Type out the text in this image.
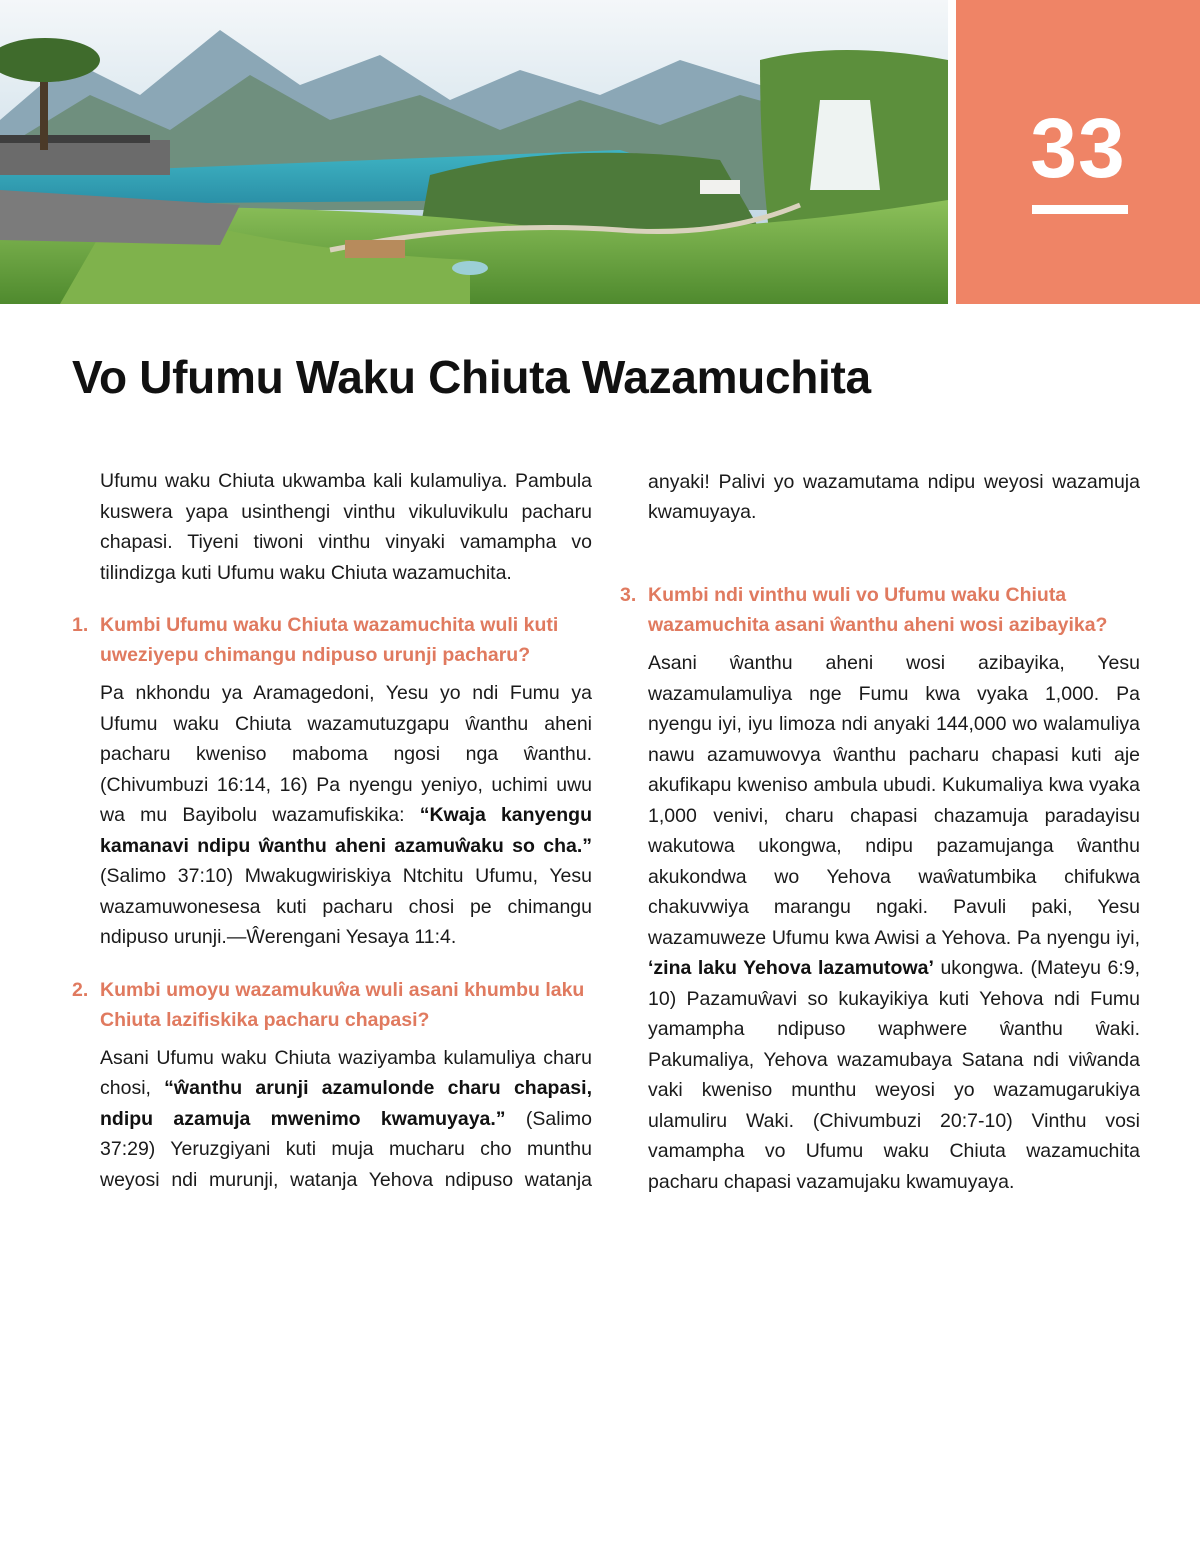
33
Vo Ufumu Waku Chiuta Wazamuchita

Ufumu waku Chiuta ukwamba kali kulamuliya. Pambula kuswera yapa usinthengi vinthu vikuluvikulu pacharu chapasi. Tiyeni tiwoni vinthu vinyaki vamampha vo tilindizga kuti Ufumu waku Chiuta wazamuchita.

1. Kumbi Ufumu waku Chiuta wazamuchita wuli kuti uweziyepu chimangu ndipuso urunji pacharu?

Pa nkhondu ya Aramagedoni, Yesu yo ndi Fumu ya Ufumu waku Chiuta wazamutuzgapu ŵanthu aheni pacharu kweniso maboma ngosi nga ŵanthu. (Chivumbuzi 16:14, 16) Pa nyengu yeniyo, uchimi uwu wa mu Bayibolu wazamufiskika: “Kwaja kanyengu kamanavi ndipu ŵanthu aheni azamuŵaku so cha.” (Salimo 37:10) Mwakugwiriskiya Ntchitu Ufumu, Yesu wazamuwonesesa kuti pacharu chosi pe chimangu ndipuso urunji.—Ŵerengani Yesaya 11:4.

2. Kumbi umoyu wazamukuŵa wuli asani khumbu laku Chiuta lazifiskika pacharu chapasi?

Asani Ufumu waku Chiuta waziyamba kulamuliya charu chosi, “ŵanthu arunji azamulonde charu chapasi, ndipu azamuja mwenimo kwamuyaya.” (Salimo 37:29) Yeruzgiyani kuti muja mucharu cho munthu weyosi ndi murunji, watanja Yehova ndipuso watanja

anyaki! Palivi yo wazamutama ndipu weyosi wazamuja kwamuyaya.

3. Kumbi ndi vinthu wuli vo Ufumu waku Chiuta wazamuchita asani ŵanthu aheni wosi azibayika?

Asani ŵanthu aheni wosi azibayika, Yesu wazamulamuliya nge Fumu kwa vyaka 1,000. Pa nyengu iyi, iyu limoza ndi anyaki 144,000 wo walamuliya nawu azamuwovya ŵanthu pacharu chapasi kuti aje akufikapu kweniso ambula ubudi. Kukumaliya kwa vyaka 1,000 venivi, charu chapasi chazamuja paradayisu wakutowa ukongwa, ndipu pazamujanga ŵanthu akukondwa wo Yehova waŵatumbika chifukwa chakuvwiya marangu ngaki. Pavuli paki, Yesu wazamuweze Ufumu kwa Awisi a Yehova. Pa nyengu iyi, ‘zina laku Yehova lazamutowa’ ukongwa. (Mateyu 6:9, 10) Pazamuŵavi so kukayikiya kuti Yehova ndi Fumu yamampha ndipuso waphwere ŵanthu ŵaki. Pakumaliya, Yehova wazamubaya Satana ndi viŵanda vaki kweniso munthu weyosi yo wazamugarukiya ulamuliru Waki. (Chivumbuzi 20:7-10) Vinthu vosi vamampha vo Ufumu waku Chiuta wazamuchita pacharu chapasi vazamujaku kwamuyaya.
